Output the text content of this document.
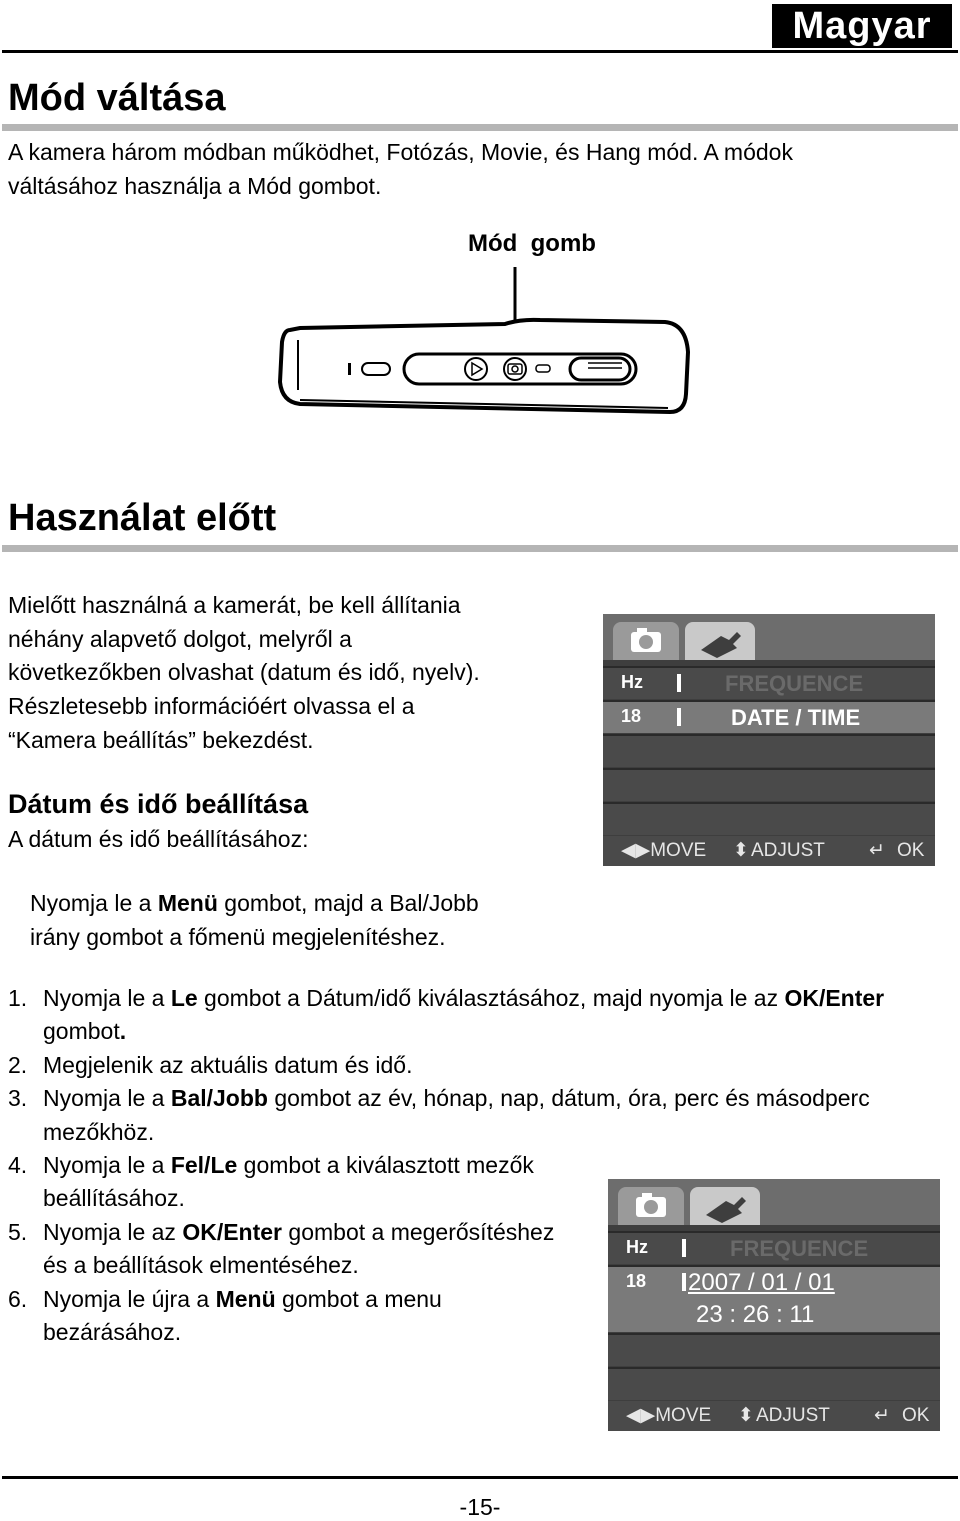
Magyar
Mód váltása
A kamera három módban működhet, Fotózás, Movie, és Hang mód. A módok
váltásához használja a Mód gombot.
Mód  gomb
Használat előtt
Mielőtt használná a kamerát, be kell állítania
néhány alapvető dolgot, melyről a
következőkben olvashat (datum és idő, nyelv).
Részletesebb információért olvassa el a
“Kamera beállítás” bekezdést.
Hz	FREQUENCE
18	DATE / TIME
◀▶MOVE ⬍ ADJUST ↵ OK
Dátum és idő beállítása
A dátum és idő beállításához:
Nyomja le a Menü gombot, majd a Bal/Jobb
irány gombot a főmenü megjelenítéshez.
1. Nyomja le a Le gombot a Dátum/idő kiválasztásához, majd nyomja le az OK/Enter gombot.
2. Megjelenik az aktuális datum és idő.
3. Nyomja le a Bal/Jobb gombot az év, hónap, nap, dátum, óra, perc és másodperc mezőkhöz.
4. Nyomja le a Fel/Le gombot a kiválasztott mezők beállításához.
5. Nyomja le az OK/Enter gombot a megerősítéshez és a beállítások elmentéséhez.
6. Nyomja le újra a Menü gombot a menu bezárásához.
Hz	FREQUENCE
18 2007 / 01 / 01
23 : 26 : 11
◀▶MOVE ⬍ ADJUST ↵ OK
-15-
